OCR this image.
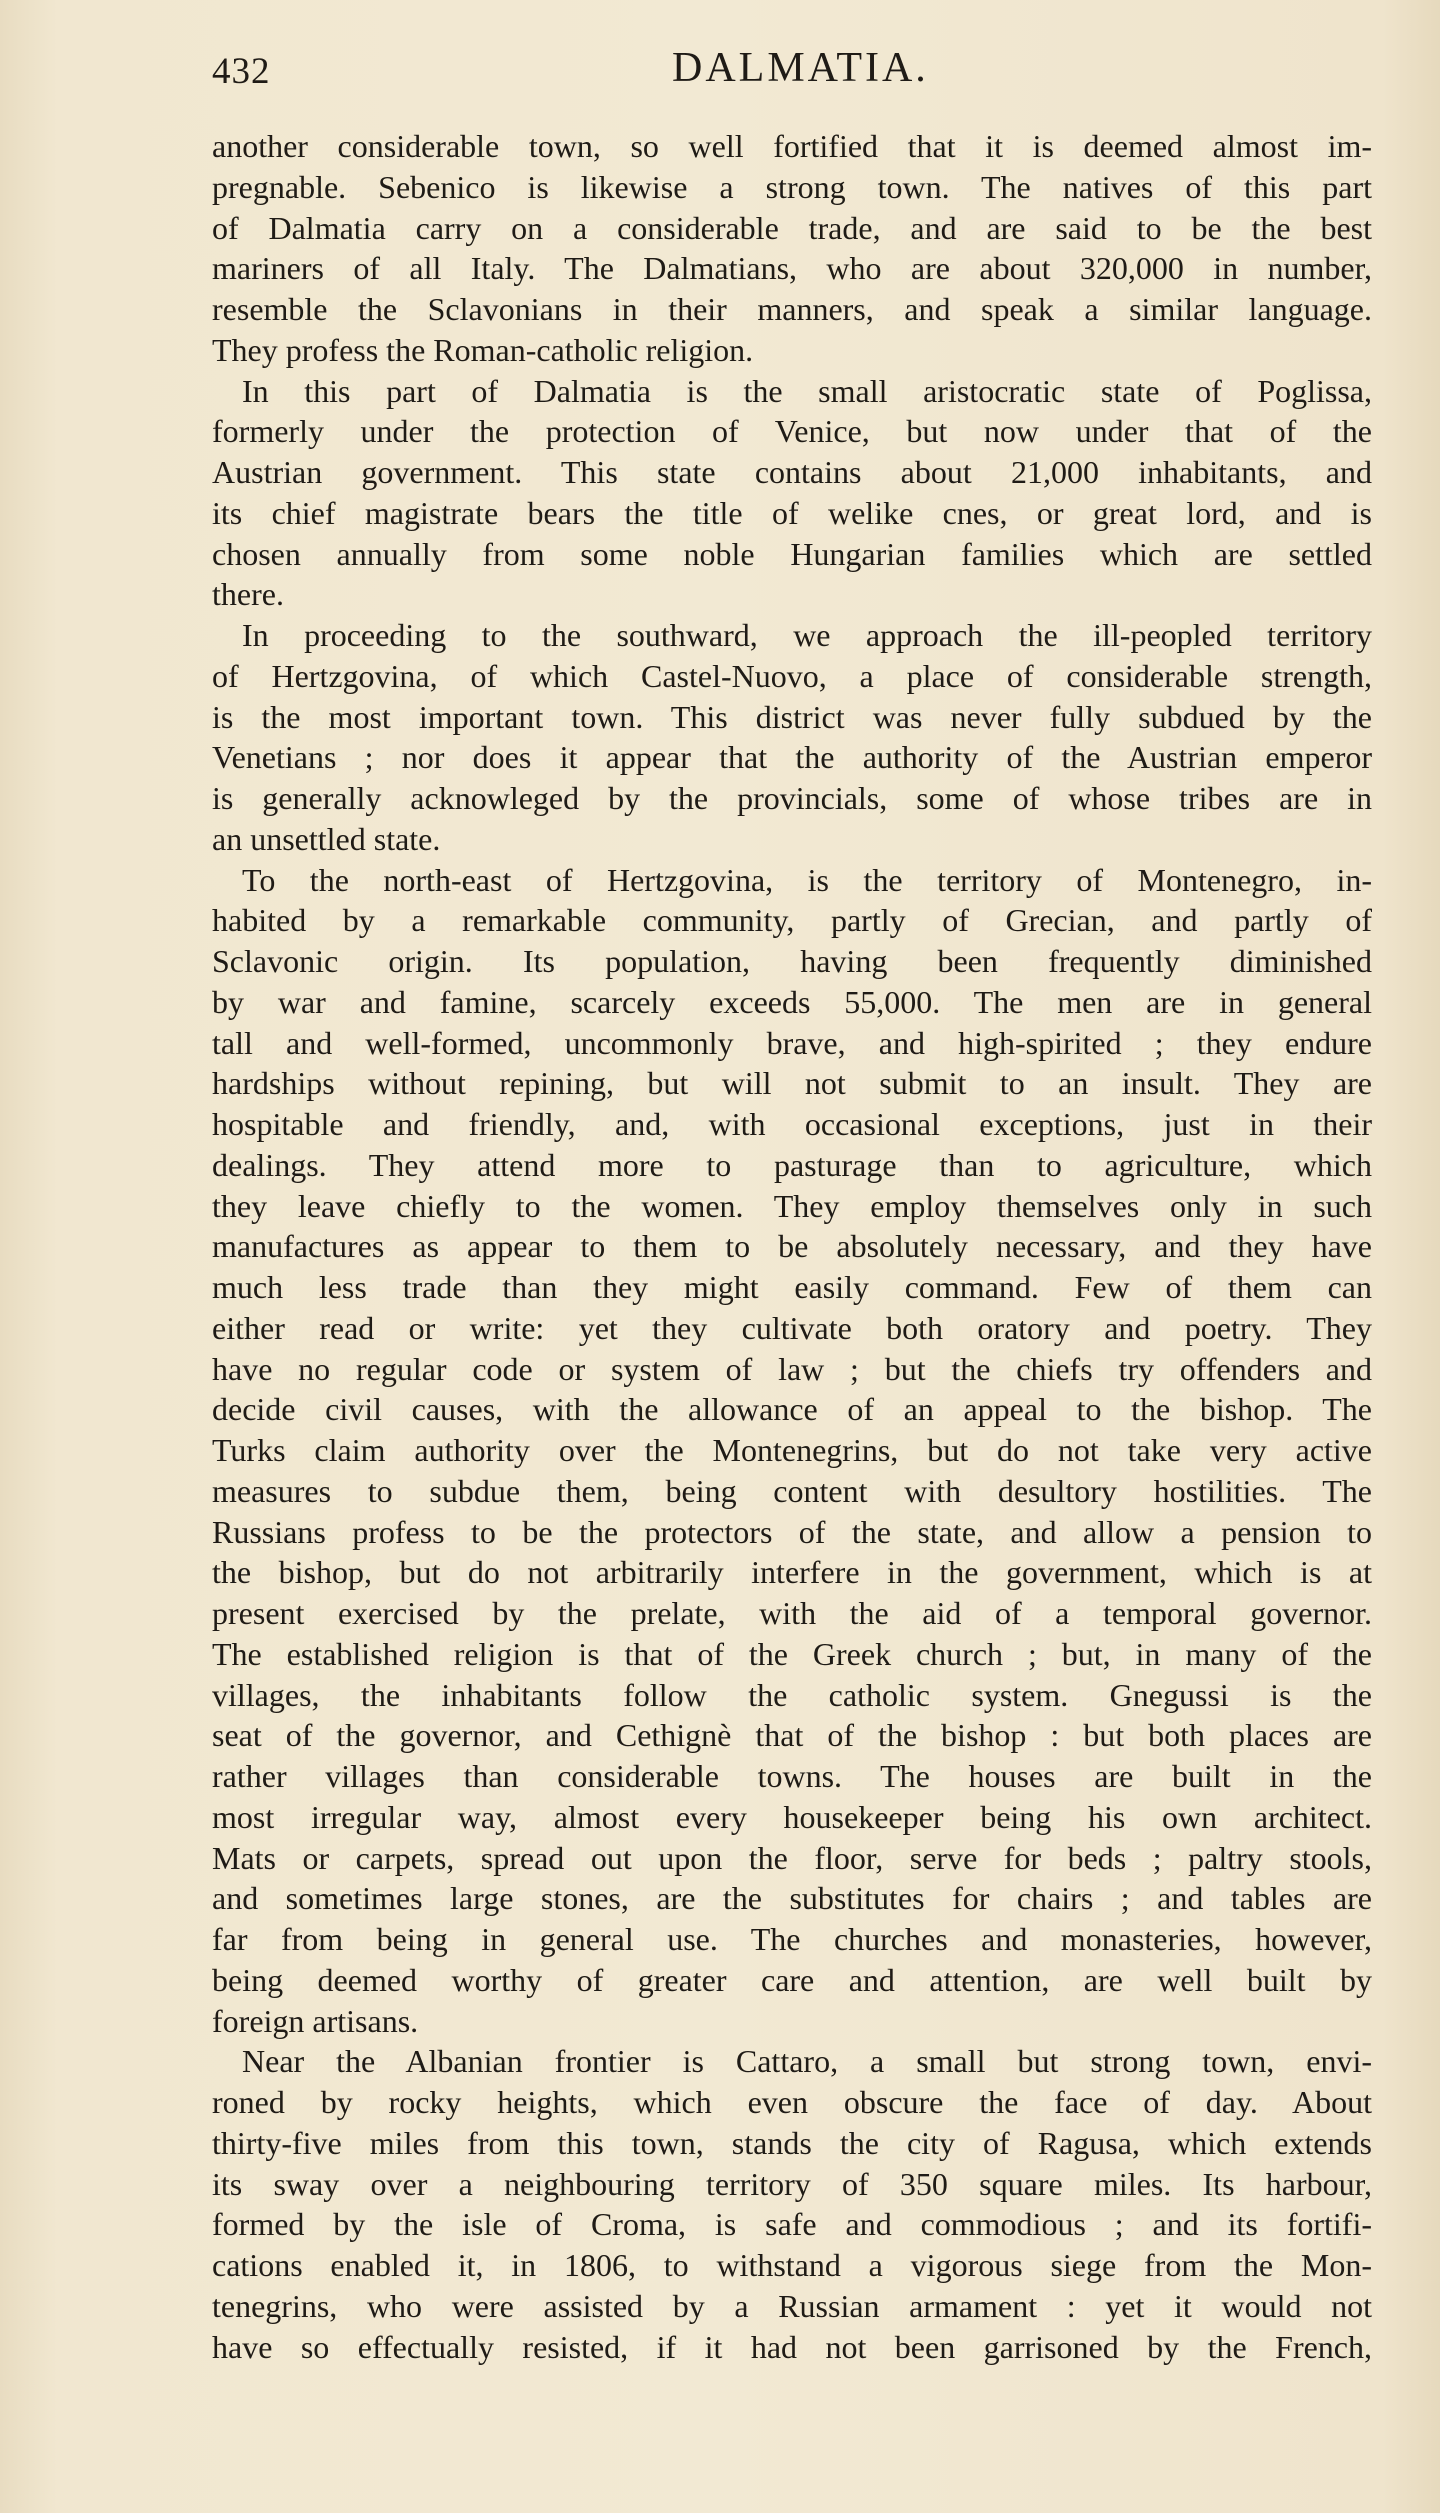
432	DALMATIA.
another considerable town, so well fortified that it is deemed almost im-
pregnable. Sebenico is likewise a strong town. The natives of this part
of Dalmatia carry on a considerable trade, and are said to be the best
mariners of all Italy. The Dalmatians, who are about 320,000 in number,
resemble the Sclavonians in their manners, and speak a similar language.
They profess the Roman-catholic religion.
In this part of Dalmatia is the small aristocratic state of Poglissa,
formerly under the protection of Venice, but now under that of the
Austrian government. This state contains about 21,000 inhabitants, and
its chief magistrate bears the title of welike cnes, or great lord, and is
chosen annually from some noble Hungarian families which are settled
there.
In proceeding to the southward, we approach the ill-peopled territory
of Hertzgovina, of which Castel-Nuovo, a place of considerable strength,
is the most important town. This district was never fully subdued by the
Venetians ; nor does it appear that the authority of the Austrian emperor
is generally acknowleged by the provincials, some of whose tribes are in
an unsettled state.
To the north-east of Hertzgovina, is the territory of Montenegro, in-
habited by a remarkable community, partly of Grecian, and partly of
Sclavonic origin. Its population, having been frequently diminished
by war and famine, scarcely exceeds 55,000. The men are in general
tall and well-formed, uncommonly brave, and high-spirited ; they endure
hardships without repining, but will not submit to an insult. They are
hospitable and friendly, and, with occasional exceptions, just in their
dealings. They attend more to pasturage than to agriculture, which
they leave chiefly to the women. They employ themselves only in such
manufactures as appear to them to be absolutely necessary, and they have
much less trade than they might easily command. Few of them can
either read or write: yet they cultivate both oratory and poetry. They
have no regular code or system of law ; but the chiefs try offenders and
decide civil causes, with the allowance of an appeal to the bishop. The
Turks claim authority over the Montenegrins, but do not take very active
measures to subdue them, being content with desultory hostilities. The
Russians profess to be the protectors of the state, and allow a pension to
the bishop, but do not arbitrarily interfere in the government, which is at
present exercised by the prelate, with the aid of a temporal governor.
The established religion is that of the Greek church ; but, in many of the
villages, the inhabitants follow the catholic system. Gnegussi is the
seat of the governor, and Cethignè that of the bishop : but both places are
rather villages than considerable towns. The houses are built in the
most irregular way, almost every housekeeper being his own architect.
Mats or carpets, spread out upon the floor, serve for beds ; paltry stools,
and sometimes large stones, are the substitutes for chairs ; and tables are
far from being in general use. The churches and monasteries, however,
being deemed worthy of greater care and attention, are well built by
foreign artisans.
Near the Albanian frontier is Cattaro, a small but strong town, envi-
roned by rocky heights, which even obscure the face of day. About
thirty-five miles from this town, stands the city of Ragusa, which extends
its sway over a neighbouring territory of 350 square miles. Its harbour,
formed by the isle of Croma, is safe and commodious ; and its fortifi-
cations enabled it, in 1806, to withstand a vigorous siege from the Mon-
tenegrins, who were assisted by a Russian armament : yet it would not
have so effectually resisted, if it had not been garrisoned by the French,
